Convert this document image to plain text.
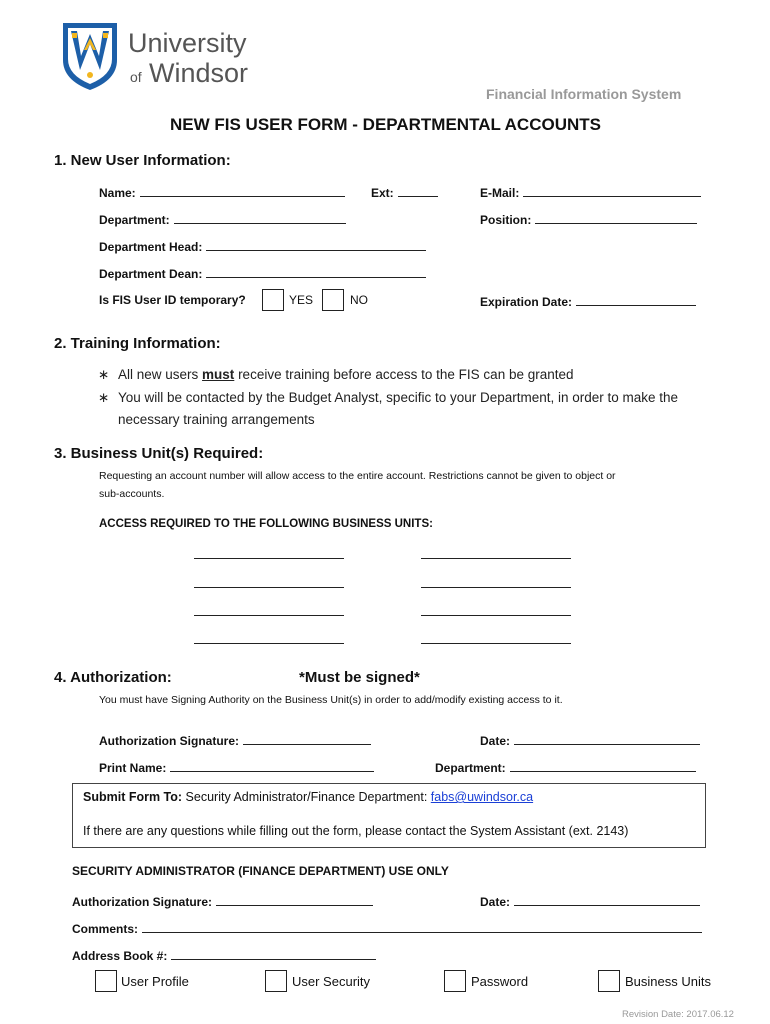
University
of Windsor
Financial Information System
NEW FIS USER FORM - DEPARTMENTAL ACCOUNTS
1. New User Information:
Name:	Ext:	E-Mail:
Department:	Position:
Department Head:
Department Dean:
Is FIS User ID temporary?	YES	NO	Expiration Date:
2. Training Information:
∗ All new users must receive training before access to the FIS can be granted
∗ You will be contacted by the Budget Analyst, specific to your Department, in order to make the
necessary training arrangements
3. Business Unit(s) Required:
Requesting an account number will allow access to the entire account. Restrictions cannot be given to object or
sub-accounts.
ACCESS REQUIRED TO THE FOLLOWING BUSINESS UNITS:
4. Authorization:	*Must be signed*
You must have Signing Authority on the Business Unit(s) in order to add/modify existing access to it.
Authorization Signature:	Date:
Print Name:	Department:
Submit Form To: Security Administrator/Finance Department: fabs@uwindsor.ca
If there are any questions while filling out the form, please contact the System Assistant (ext. 2143)
SECURITY ADMINISTRATOR (FINANCE DEPARTMENT) USE ONLY
Authorization Signature:	Date:
Comments:
Address Book #:
User Profile	User Security	Password	Business Units
Revision Date: 2017.06.12
